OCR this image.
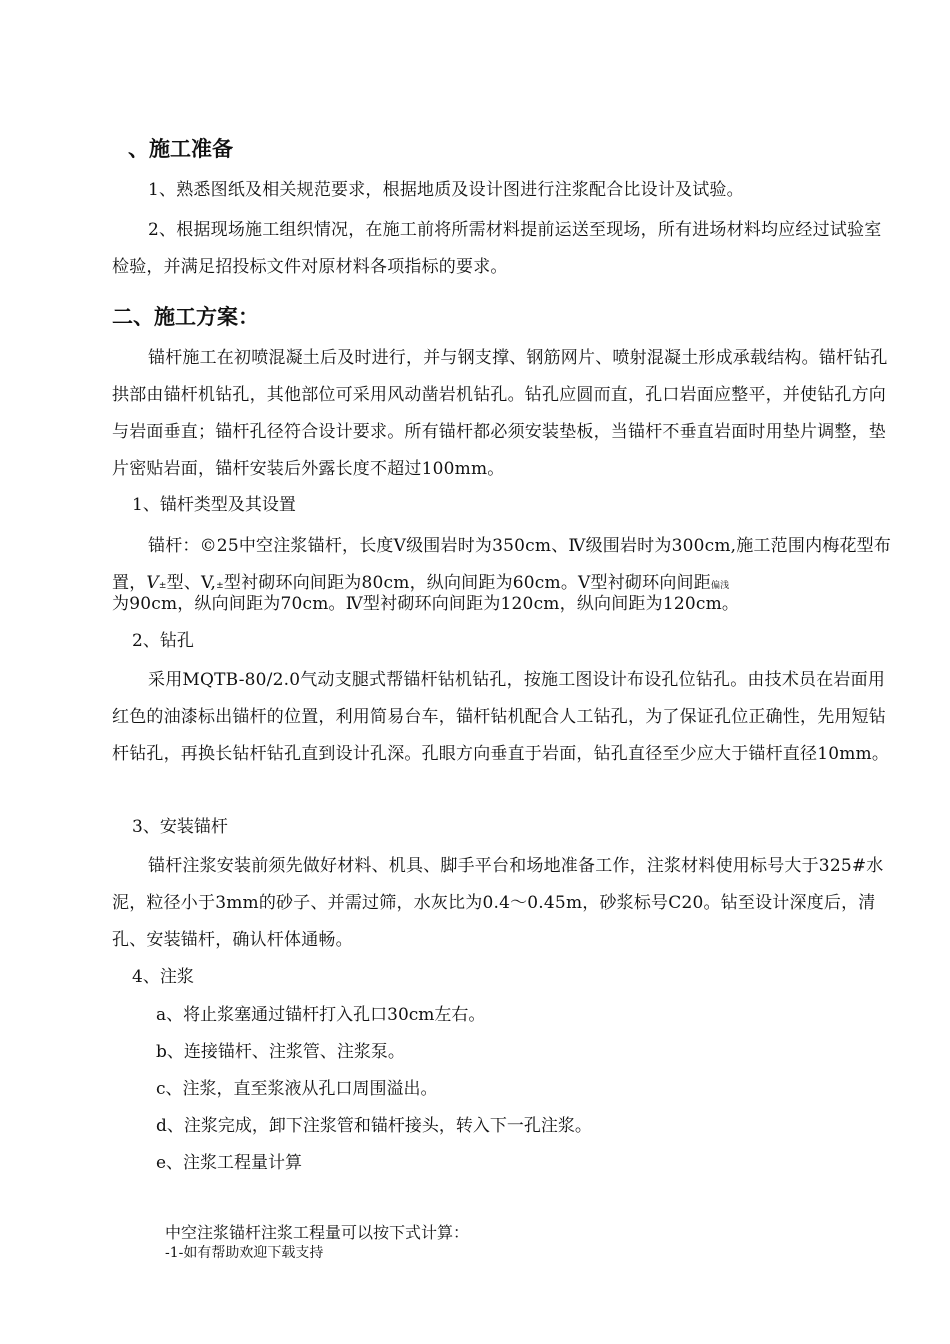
、施工准备

1、熟悉图纸及相关规范要求，根据地质及设计图进行注浆配合比设计及试验。

2、根据现场施工组织情况，在施工前将所需材料提前运送至现场，所有进场材料均应经过试验室检验，并满足招投标文件对原材料各项指标的要求。

二、施工方案：

锚杆施工在初喷混凝土后及时进行，并与钢支撑、钢筋网片、喷射混凝土形成承载结构。锚杆钻孔拱部由锚杆机钻孔，其他部位可采用风动凿岩机钻孔。钻孔应圆而直，孔口岩面应整平，并使钻孔方向与岩面垂直；锚杆孔径符合设计要求。所有锚杆都必须安装垫板，当锚杆不垂直岩面时用垫片调整，垫片密贴岩面，锚杆安装后外露长度不超过100mm。

1、锚杆类型及其设置

锚杆：©25中空注浆锚杆，长度Ⅴ级围岩时为350cm、Ⅳ级围岩时为300cm,施工范围内梅花型布置，V±型、V,±型衬砌环向间距为80cm，纵向间距为60cm。V型衬砌环向间距偏浅

为90cm，纵向间距为70cm。Ⅳ型衬砌环向间距为120cm，纵向间距为120cm。

2、钻孔

采用MQTB-80/2.0气动支腿式帮锚杆钻机钻孔，按施工图设计布设孔位钻孔。由技术员在岩面用红色的油漆标出锚杆的位置，利用简易台车，锚杆钻机配合人工钻孔，为了保证孔位正确性，先用短钻杆钻孔，再换长钻杆钻孔直到设计孔深。孔眼方向垂直于岩面，钻孔直径至少应大于锚杆直径10mm。

3、安装锚杆

锚杆注浆安装前须先做好材料、机具、脚手平台和场地准备工作，注浆材料使用标号大于325#水泥，粒径小于3mm的砂子、并需过筛，水灰比为0.4〜0.45m，砂浆标号C20。钻至设计深度后，清孔、安装锚杆，确认杆体通畅。

4、注浆

a、将止浆塞通过锚杆打入孔口30cm左右。

b、连接锚杆、注浆管、注浆泵。

c、注浆，直至浆液从孔口周围溢出。

d、注浆完成，卸下注浆管和锚杆接头，转入下一孔注浆。

e、注浆工程量计算

中空注浆锚杆注浆工程量可以按下式计算：

-1-如有帮助欢迎下载支持
